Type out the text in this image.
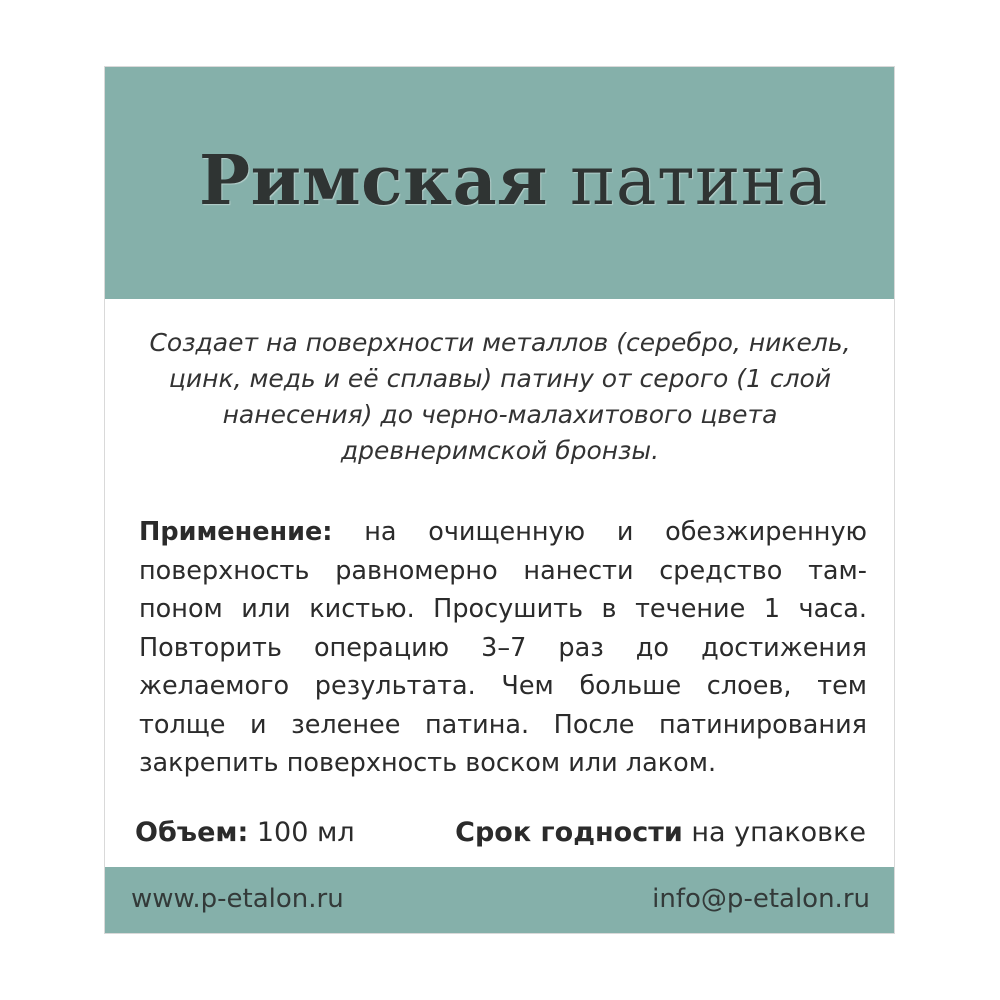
Римская патина

Создает на поверхности металлов (серебро, никель, цинк, медь и её сплавы) патину от серого (1 слой нанесения) до черно-малахитового цвета древнеримской бронзы.

Применение: на очищенную и обезжиренную поверхность равномерно нанести средство тампоном или кистью. Просушить в течение 1 часа. Повторить операцию 3–7 раз до достижения желаемого результата. Чем больше слоев, тем толще и зеленее патина. После патинирования закрепить поверхность воском или лаком.

Объем: 100 мл	Срок годности на упаковке
www.p-etalon.ru	info@p-etalon.ru
